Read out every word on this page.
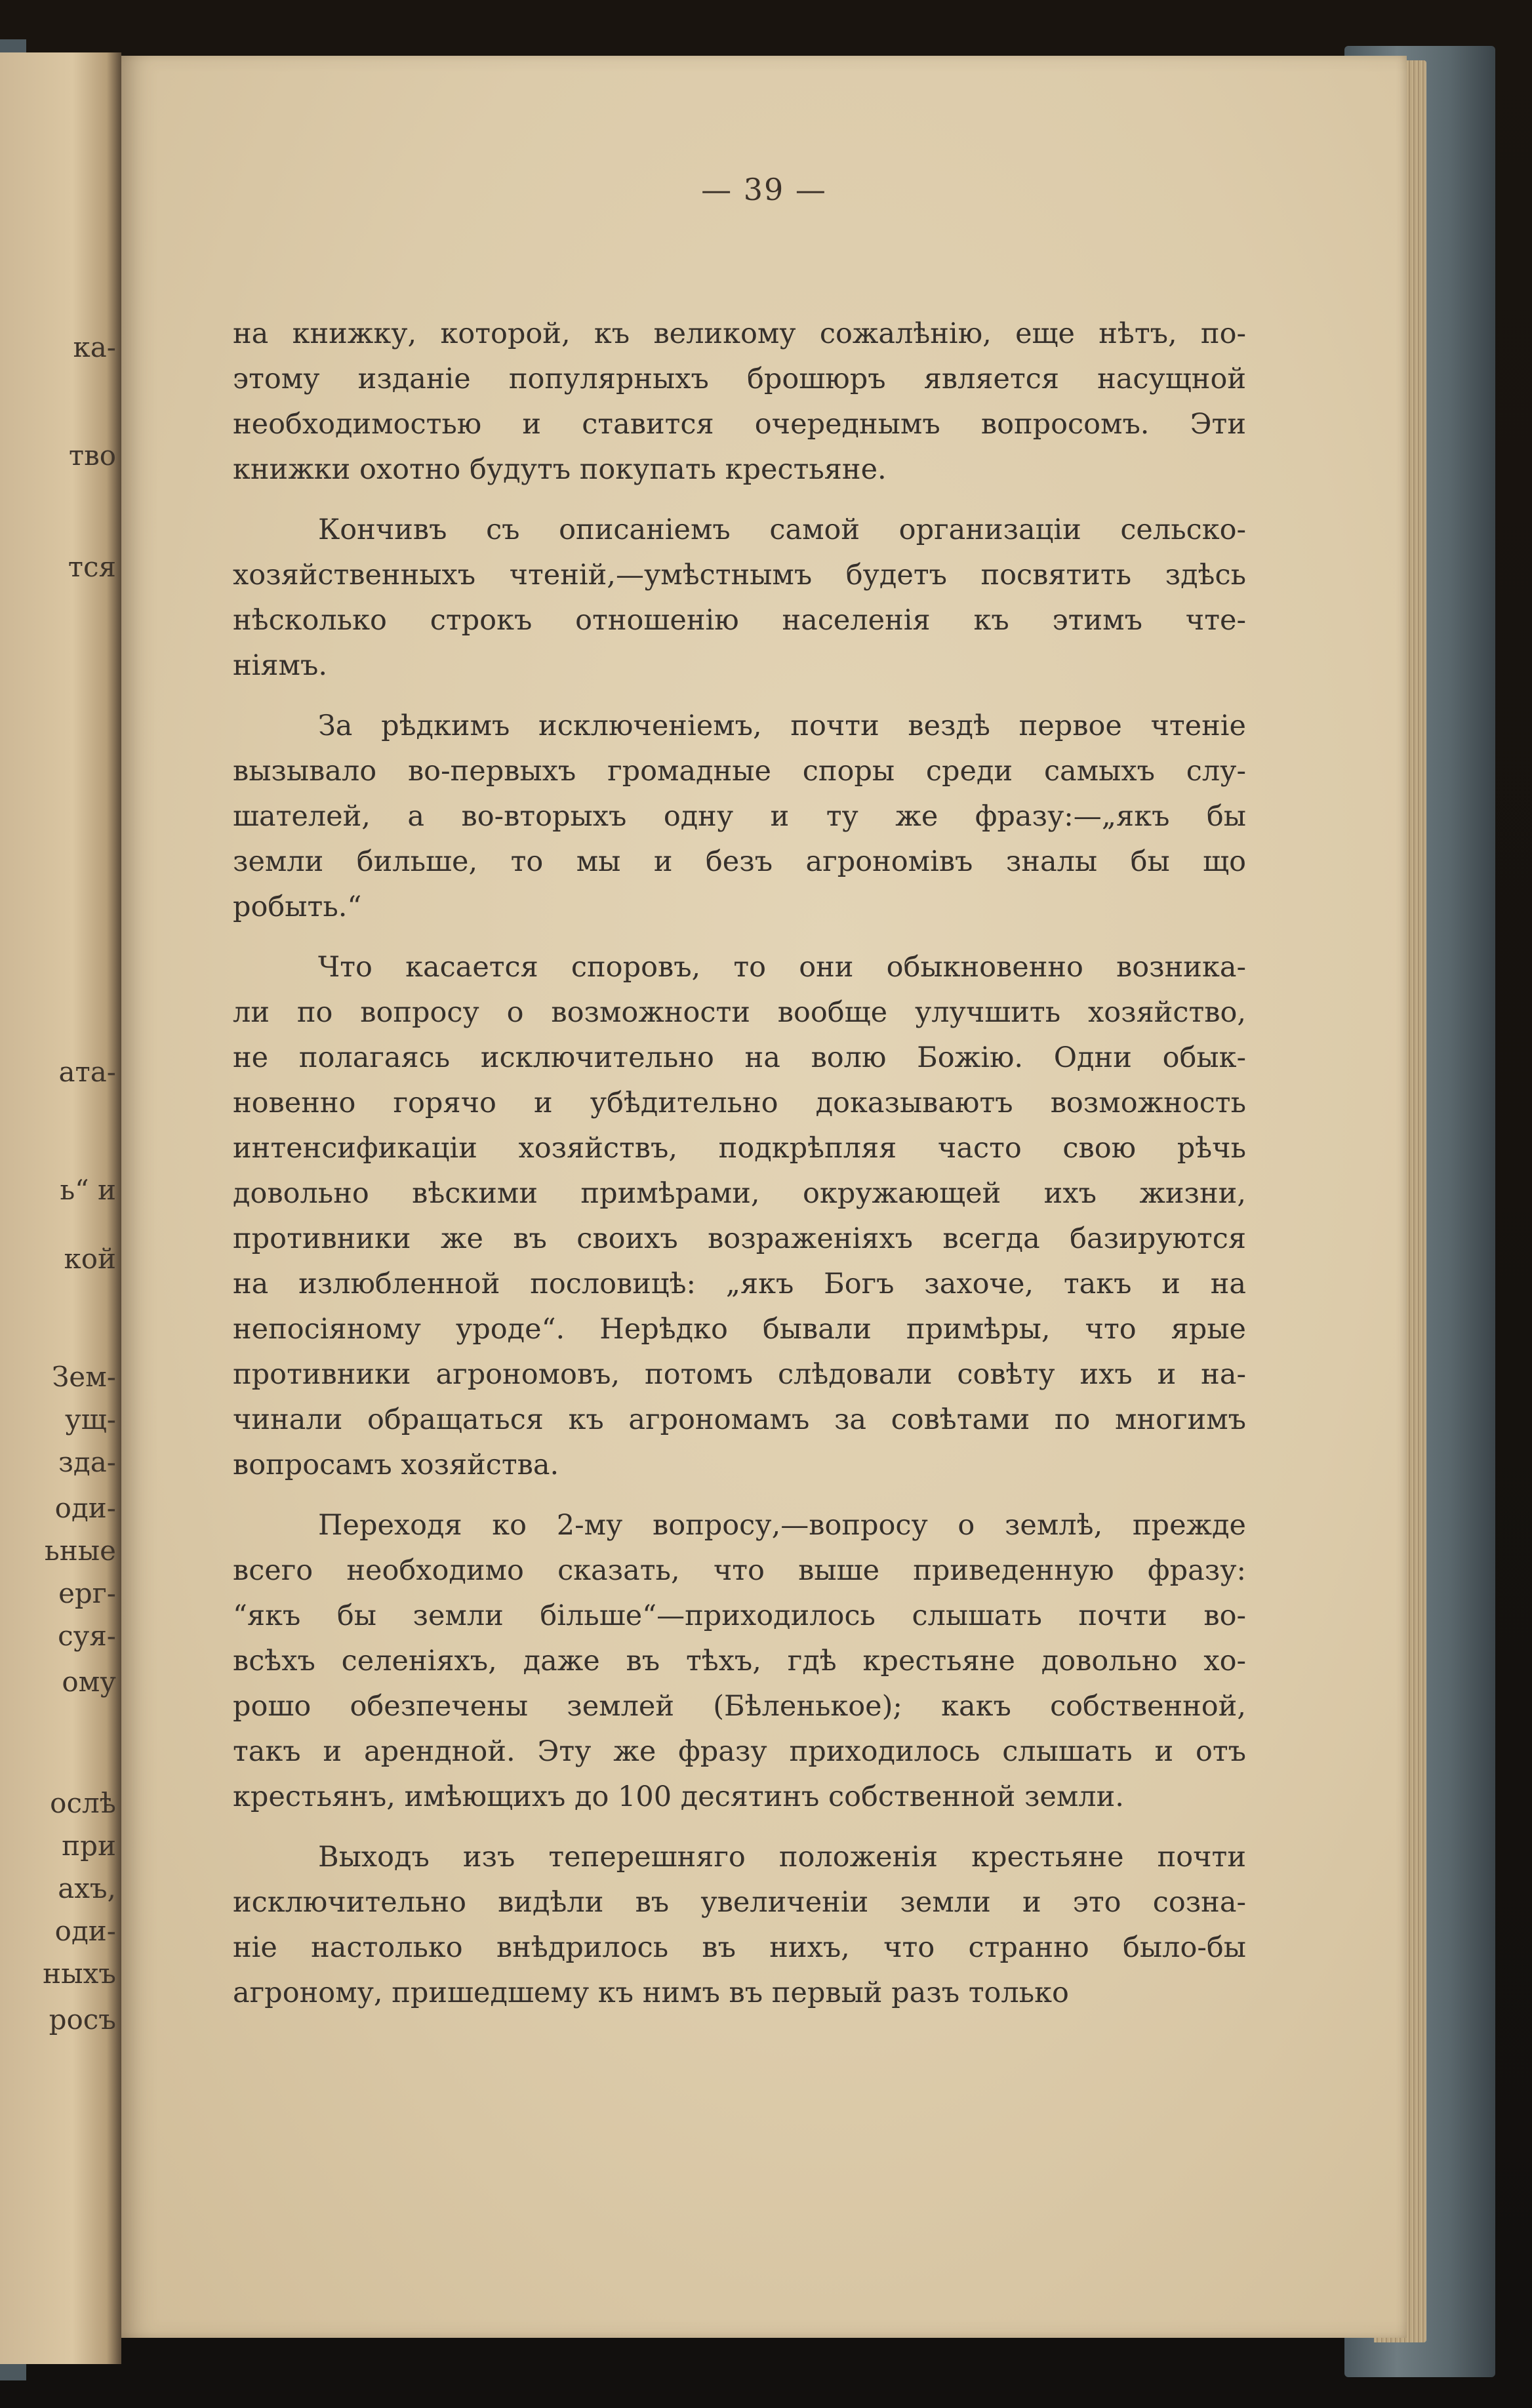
ка-
тво
тся
ата-
ь“ и
кой
Зем-
ущ-
зда-
оди-
ьные
ерг-
суя-
ому
ослѣ
при
ахъ,
оди-
ныхъ
росъ
— 39 —
на книжку, которой, къ великому сожалѣнію, еще нѣтъ, по-
этому изданіе популярныхъ брошюръ является насущной
необходимостью и ставится очереднымъ вопросомъ. Эти
книжки охотно будутъ покупать крестьяне.
Кончивъ съ описаніемъ самой организаціи сельско-
хозяйственныхъ чтеній,—умѣстнымъ будетъ посвятить здѣсь
нѣсколько строкъ отношенію населенія къ этимъ чте-
ніямъ.
За рѣдкимъ исключеніемъ, почти вездѣ первое чтеніе
вызывало во-первыхъ громадные споры среди самыхъ слу-
шателей, а во-вторыхъ одну и ту же фразу:—„якъ бы
земли бильше, то мы и безъ агрономівъ зналы бы що
робыть.“
Что касается споровъ, то они обыкновенно возника-
ли по вопросу о возможности вообще улучшить хозяйство,
не полагаясь исключительно на волю Божію. Одни обык-
новенно горячо и убѣдительно доказываютъ возможность
интенсификаціи хозяйствъ, подкрѣпляя часто свою рѣчь
довольно вѣскими примѣрами, окружающей ихъ жизни,
противники же въ своихъ возраженіяхъ всегда базируются
на излюбленной пословицѣ: „якъ Богъ захоче, такъ и на
непосіяному уроде“. Нерѣдко бывали примѣры, что ярые
противники агрономовъ, потомъ слѣдовали совѣту ихъ и на-
чинали обращаться къ агрономамъ за совѣтами по многимъ
вопросамъ хозяйства.
Переходя ко 2-му вопросу,—вопросу о землѣ, прежде
всего необходимо сказать, что выше приведенную фразу:
“якъ бы земли більше“—приходилось слышать почти во-
всѣхъ селеніяхъ, даже въ тѣхъ, гдѣ крестьяне довольно хо-
рошо обезпечены землей (Бѣленькое); какъ собственной,
такъ и арендной. Эту же фразу приходилось слышать и отъ
крестьянъ, имѣющихъ до 100 десятинъ собственной земли.
Выходъ изъ теперешняго положенія крестьяне почти
исключительно видѣли въ увеличеніи земли и это созна-
ніе настолько внѣдрилось въ нихъ, что странно было-бы
агроному, пришедшему къ нимъ въ первый разъ только
